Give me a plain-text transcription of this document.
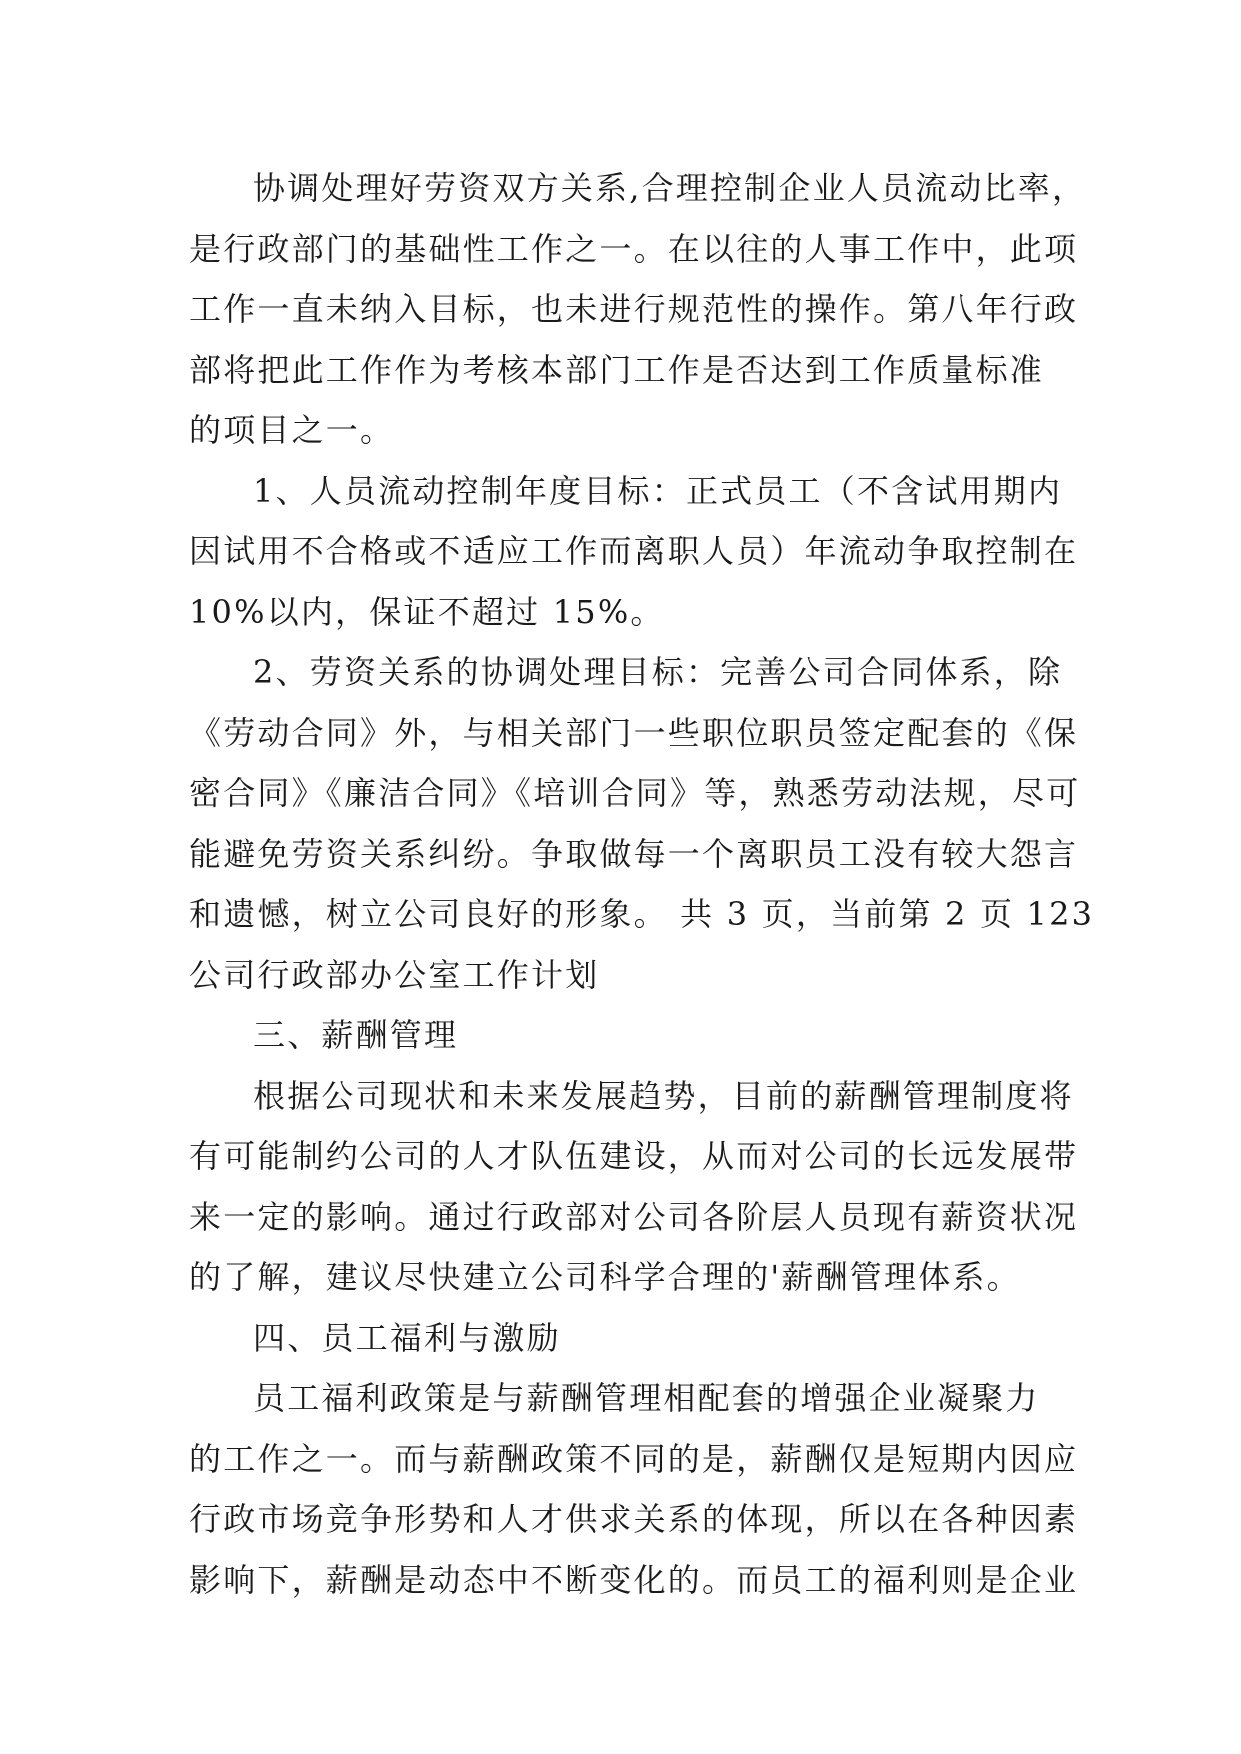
协调处理好劳资双方关系,合理控制企业人员流动比率，
是行政部门的基础性工作之一。在以往的人事工作中，此项
工作一直未纳入目标，也未进行规范性的操作。第八年行政
部将把此工作作为考核本部门工作是否达到工作质量标准
的项目之一。
1、人员流动控制年度目标：正式员工（不含试用期内
因试用不合格或不适应工作而离职人员）年流动争取控制在
10%以内，保证不超过 15%。
2、劳资关系的协调处理目标：完善公司合同体系，除
《劳动合同》外，与相关部门一些职位职员签定配套的《保
密合同》《廉洁合同》《培训合同》等，熟悉劳动法规，尽可
能避免劳资关系纠纷。争取做每一个离职员工没有较大怨言
和遗憾，树立公司良好的形象。 共 3 页，当前第 2 页 123
公司行政部办公室工作计划
三、薪酬管理
根据公司现状和未来发展趋势，目前的薪酬管理制度将
有可能制约公司的人才队伍建设，从而对公司的长远发展带
来一定的影响。通过行政部对公司各阶层人员现有薪资状况
的了解，建议尽快建立公司科学合理的'薪酬管理体系。
四、员工福利与激励
员工福利政策是与薪酬管理相配套的增强企业凝聚力
的工作之一。而与薪酬政策不同的是，薪酬仅是短期内因应
行政市场竞争形势和人才供求关系的体现，所以在各种因素
影响下，薪酬是动态中不断变化的。而员工的福利则是企业
